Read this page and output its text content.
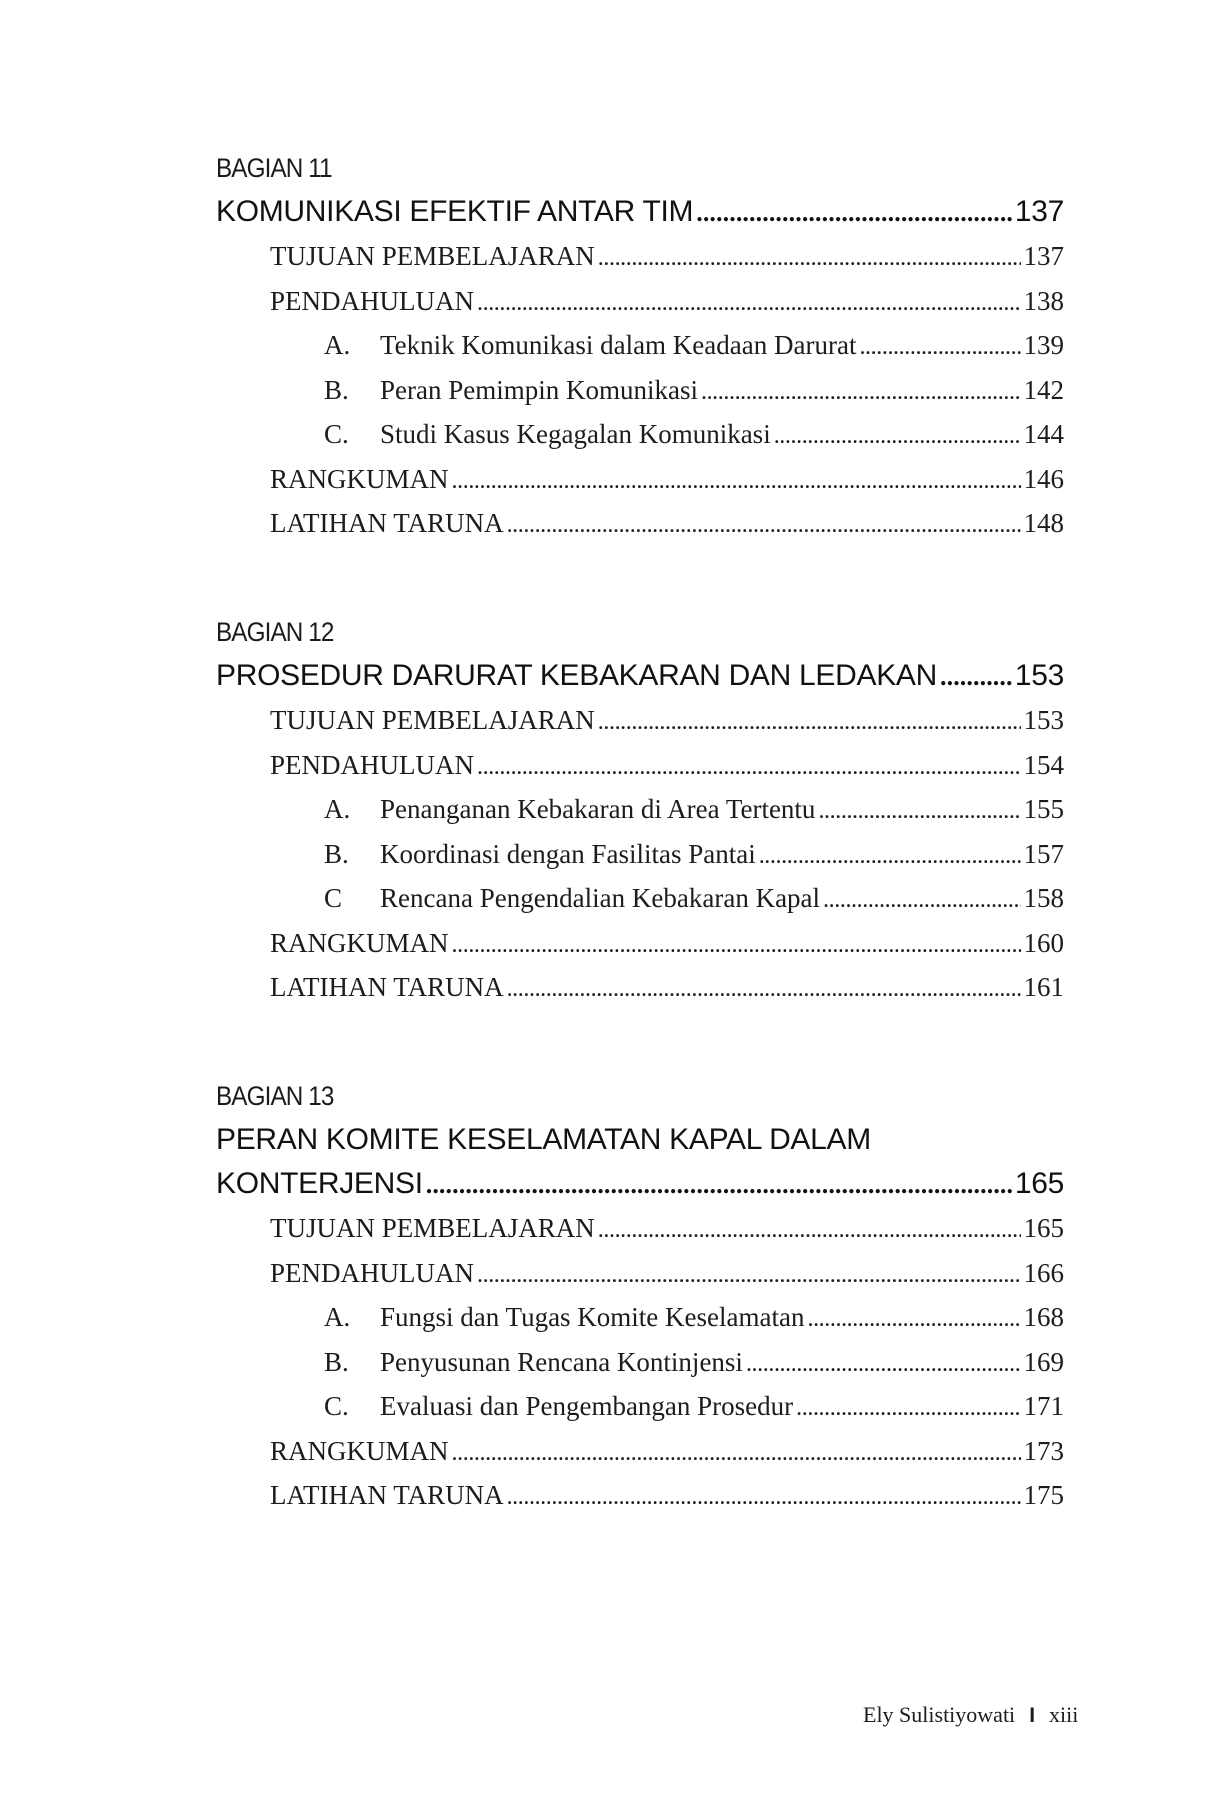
BAGIAN 11
KOMUNIKASI EFEKTIF ANTAR TIM . . .	137
TUJUAN PEMBELAJARAN . . .	137
PENDAHULUAN . . .	138
A.	Teknik Komunikasi dalam Keadaan Darurat . . .	139
B.	Peran Pemimpin Komunikasi . . .	142
C.	Studi Kasus Kegagalan Komunikasi . . .	144
RANGKUMAN . . .	146
LATIHAN TARUNA . . .	148
BAGIAN 12
PROSEDUR DARURAT KEBAKARAN DAN LEDAKAN . . .	153
TUJUAN PEMBELAJARAN . . .	153
PENDAHULUAN . . .	154
A.	Penanganan Kebakaran di Area Tertentu . . .	155
B.	Koordinasi dengan Fasilitas Pantai . . .	157
C	Rencana Pengendalian Kebakaran Kapal . . .	158
RANGKUMAN . . .	160
LATIHAN TARUNA . . .	161
BAGIAN 13
PERAN KOMITE KESELAMATAN KAPAL DALAM
KONTERJENSI . . .	165
TUJUAN PEMBELAJARAN . . .	165
PENDAHULUAN . . .	166
A.	Fungsi dan Tugas Komite Keselamatan . . .	168
B.	Penyusunan Rencana Kontinjensi . . .	169
C.	Evaluasi dan Pengembangan Prosedur . . .	171
RANGKUMAN . . .	173
LATIHAN TARUNA . . .	175
Ely Sulistiyowati I xiii
